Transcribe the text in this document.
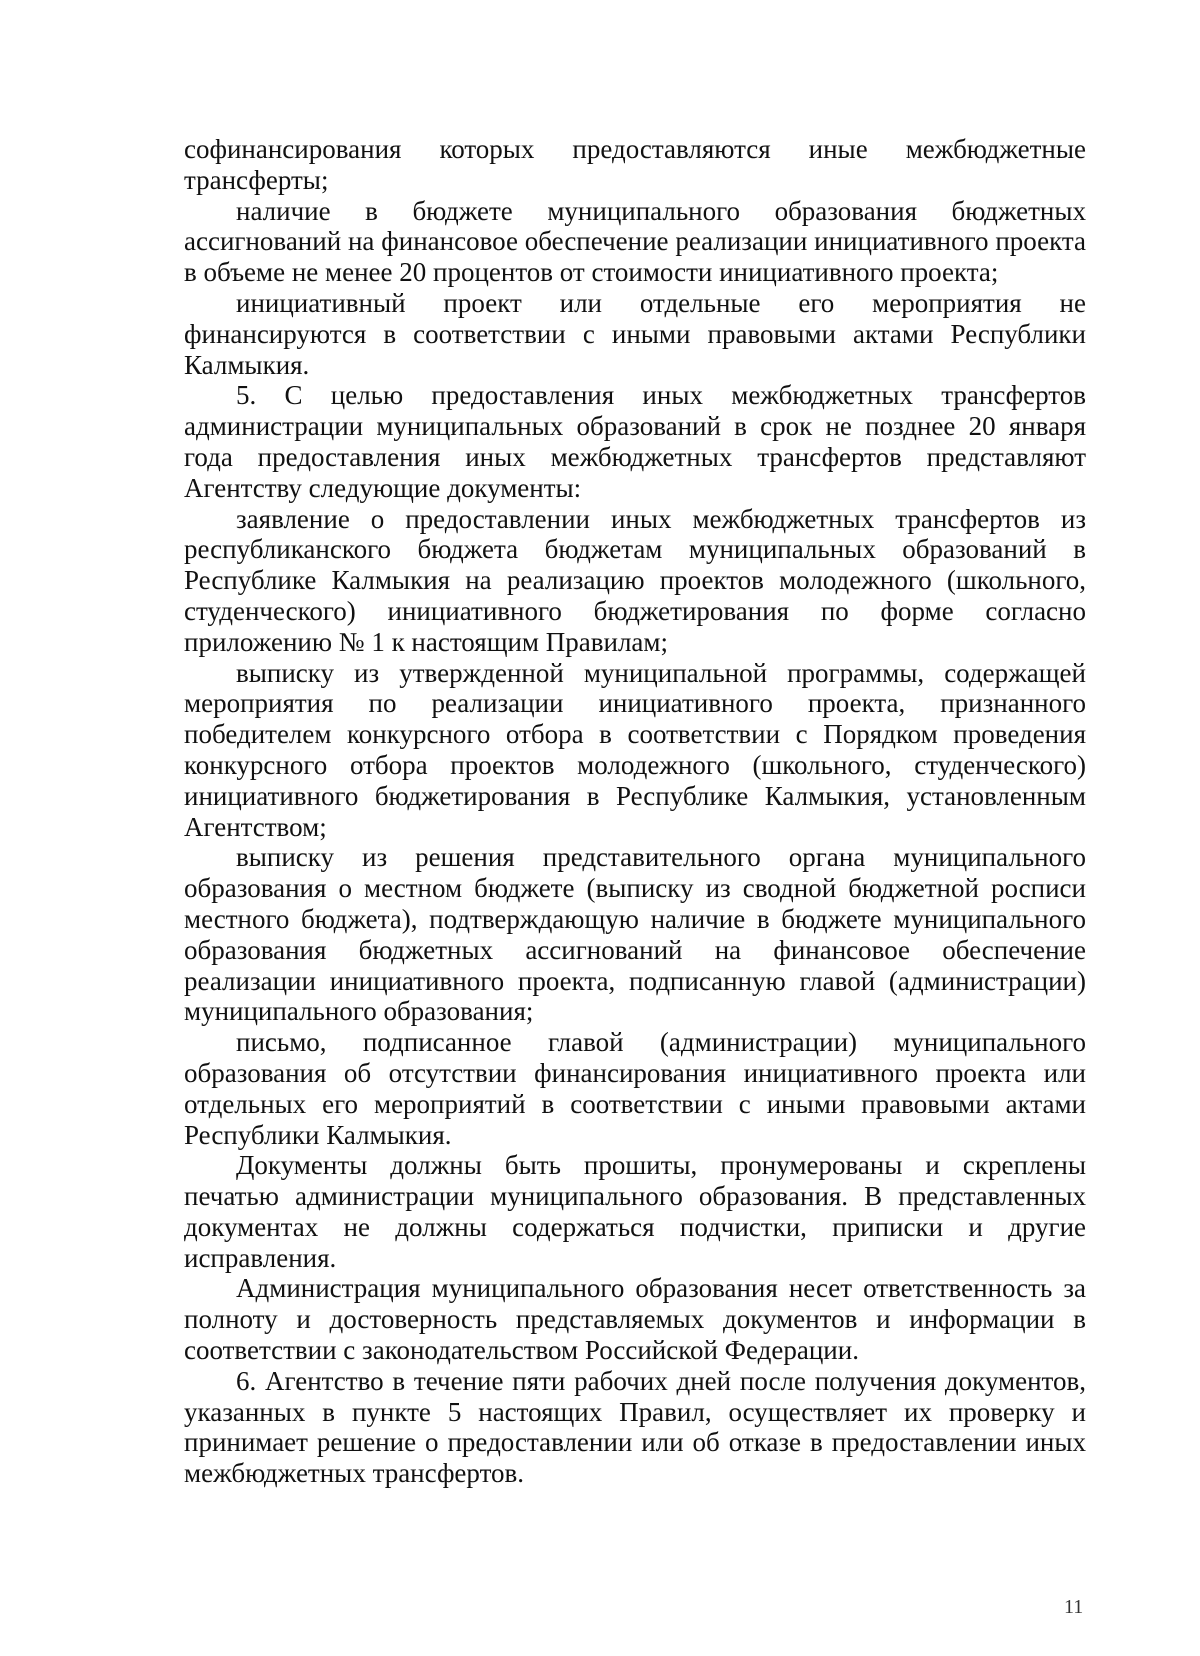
софинансирования которых предоставляются иные межбюджетные трансферты;

наличие в бюджете муниципального образования бюджетных ассигнований на финансовое обеспечение реализации инициативного проекта в объеме не менее 20 процентов от стоимости инициативного проекта;

инициативный проект или отдельные его мероприятия не финансируются в соответствии с иными правовыми актами Республики Калмыкия.

5. С целью предоставления иных межбюджетных трансфертов администрации муниципальных образований в срок не позднее 20 января года предоставления иных межбюджетных трансфертов представляют Агентству следующие документы:

заявление о предоставлении иных межбюджетных трансфертов из республиканского бюджета бюджетам муниципальных образований в Республике Калмыкия на реализацию проектов молодежного (школьного, студенческого) инициативного бюджетирования по форме согласно приложению № 1 к настоящим Правилам;

выписку из утвержденной муниципальной программы, содержащей мероприятия по реализации инициативного проекта, признанного победителем конкурсного отбора в соответствии с Порядком проведения конкурсного отбора проектов молодежного (школьного, студенческого) инициативного бюджетирования в Республике Калмыкия, установленным Агентством;

выписку из решения представительного органа муниципального образования о местном бюджете (выписку из сводной бюджетной росписи местного бюджета), подтверждающую наличие в бюджете муниципального образования бюджетных ассигнований на финансовое обеспечение реализации инициативного проекта, подписанную главой (администрации) муниципального образования;

письмо, подписанное главой (администрации) муниципального образования об отсутствии финансирования инициативного проекта или отдельных его мероприятий в соответствии с иными правовыми актами Республики Калмыкия.

Документы должны быть прошиты, пронумерованы и скреплены печатью администрации муниципального образования. В представленных документах не должны содержаться подчистки, приписки и другие исправления.

Администрация муниципального образования несет ответственность за полноту и достоверность представляемых документов и информации в соответствии с законодательством Российской Федерации.

6. Агентство в течение пяти рабочих дней после получения документов, указанных в пункте 5 настоящих Правил, осуществляет их проверку и принимает решение о предоставлении или об отказе в предоставлении иных межбюджетных трансфертов.

11
